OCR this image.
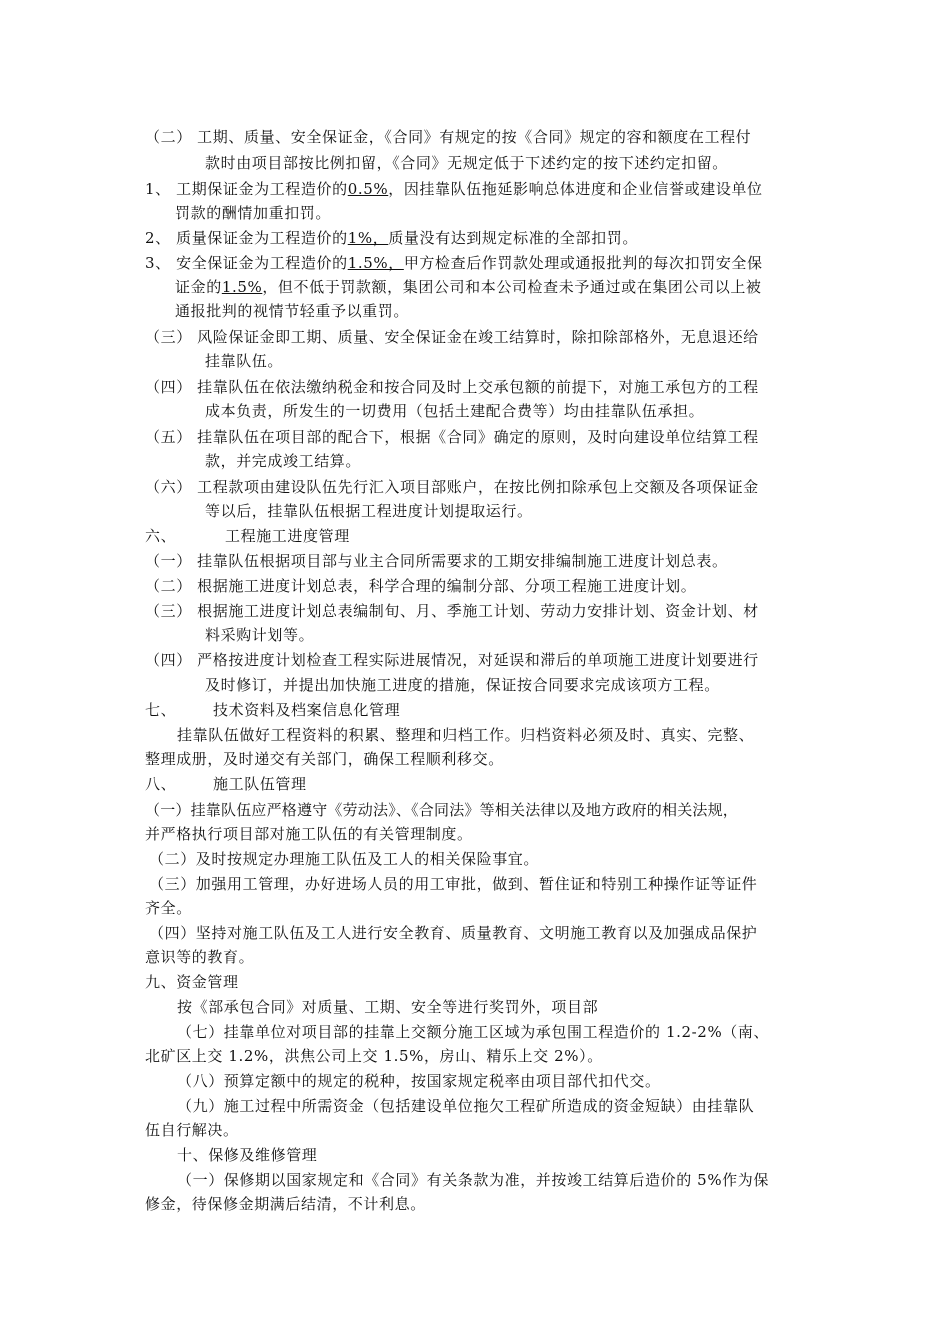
（二） 工期、质量、安全保证金，《合同》有规定的按《合同》规定的容和额度在工程付
款时由项目部按比例扣留，《合同》无规定低于下述约定的按下述约定扣留。
1、 工期保证金为工程造价的0.5%，因挂靠队伍拖延影响总体进度和企业信誉或建设单位
罚款的酬情加重扣罚。
2、 质量保证金为工程造价的1%，质量没有达到规定标准的全部扣罚。
3、 安全保证金为工程造价的1.5%，甲方检查后作罚款处理或通报批判的每次扣罚安全保
证金的1.5%，但不低于罚款额，集团公司和本公司检查未予通过或在集团公司以上被
通报批判的视情节轻重予以重罚。
（三） 风险保证金即工期、质量、安全保证金在竣工结算时，除扣除部格外，无息退还给
挂靠队伍。
（四） 挂靠队伍在依法缴纳税金和按合同及时上交承包额的前提下，对施工承包方的工程
成本负责，所发生的一切费用（包括土建配合费等）均由挂靠队伍承担。
（五） 挂靠队伍在项目部的配合下，根据《合同》确定的原则，及时向建设单位结算工程
款，并完成竣工结算。
（六） 工程款项由建设队伍先行汇入项目部账户，在按比例扣除承包上交额及各项保证金
等以后，挂靠队伍根据工程进度计划提取运行。
六、	工程施工进度管理
（一） 挂靠队伍根据项目部与业主合同所需要求的工期安排编制施工进度计划总表。
（二） 根据施工进度计划总表，科学合理的编制分部、分项工程施工进度计划。
（三） 根据施工进度计划总表编制旬、月、季施工计划、劳动力安排计划、资金计划、材
料采购计划等。
（四） 严格按进度计划检查工程实际进展情况，对延误和滞后的单项施工进度计划要进行
及时修订，并提出加快施工进度的措施，保证按合同要求完成该项方工程。
七、 技术资料及档案信息化管理
挂靠队伍做好工程资料的积累、整理和归档工作。归档资料必须及时、真实、完整、
整理成册，及时递交有关部门，确保工程顺利移交。
八、 施工队伍管理
（一）挂靠队伍应严格遵守《劳动法》、《合同法》等相关法律以及地方政府的相关法规，
并严格执行项目部对施工队伍的有关管理制度。
（二）及时按规定办理施工队伍及工人的相关保险事宜。
（三）加强用工管理，办好进场人员的用工审批，做到、暂住证和特别工种操作证等证件
齐全。
（四）坚持对施工队伍及工人进行安全教育、质量教育、文明施工教育以及加强成品保护
意识等的教育。
九、资金管理
按《部承包合同》对质量、工期、安全等进行奖罚外，项目部
（七）挂靠单位对项目部的挂靠上交额分施工区域为承包围工程造价的 1.2-2%（南、
北矿区上交 1.2%，洪焦公司上交 1.5%，房山、精乐上交 2%）。
（八）预算定额中的规定的税种，按国家规定税率由项目部代扣代交。
（九）施工过程中所需资金（包括建设单位拖欠工程矿所造成的资金短缺）由挂靠队
伍自行解决。
十、保修及维修管理
（一）保修期以国家规定和《合同》有关条款为准，并按竣工结算后造价的 5%作为保
修金，待保修金期满后结清，不计利息。
